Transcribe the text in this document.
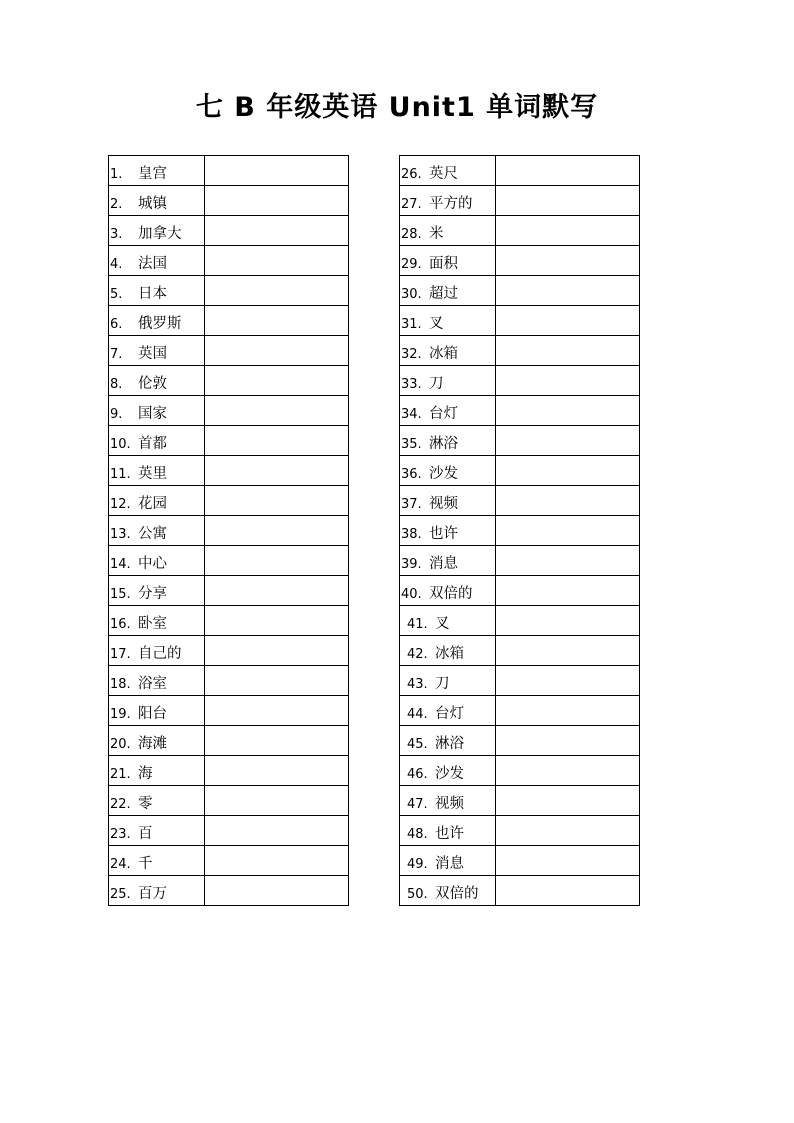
七 B 年级英语 Unit1 单词默写
1. 皇宫	
2. 城镇	
3. 加拿大	
4. 法国	
5. 日本	
6. 俄罗斯	
7. 英国	
8. 伦敦	
9. 国家	
10. 首都	
11. 英里	
12. 花园	
13. 公寓	
14. 中心	
15. 分享	
16. 卧室	
17. 自己的	
18. 浴室	
19. 阳台	
20. 海滩	
21. 海	
22. 零	
23. 百	
24. 千	
25. 百万	
26. 英尺	
27. 平方的	
28. 米	
29. 面积	
30. 超过	
31. 叉	
32. 冰箱	
33. 刀	
34. 台灯	
35. 淋浴	
36. 沙发	
37. 视频	
38. 也许	
39. 消息	
40. 双倍的	
41. 叉	
42. 冰箱	
43. 刀	
44. 台灯	
45. 淋浴	
46. 沙发	
47. 视频	
48. 也许	
49. 消息	
50. 双倍的	
